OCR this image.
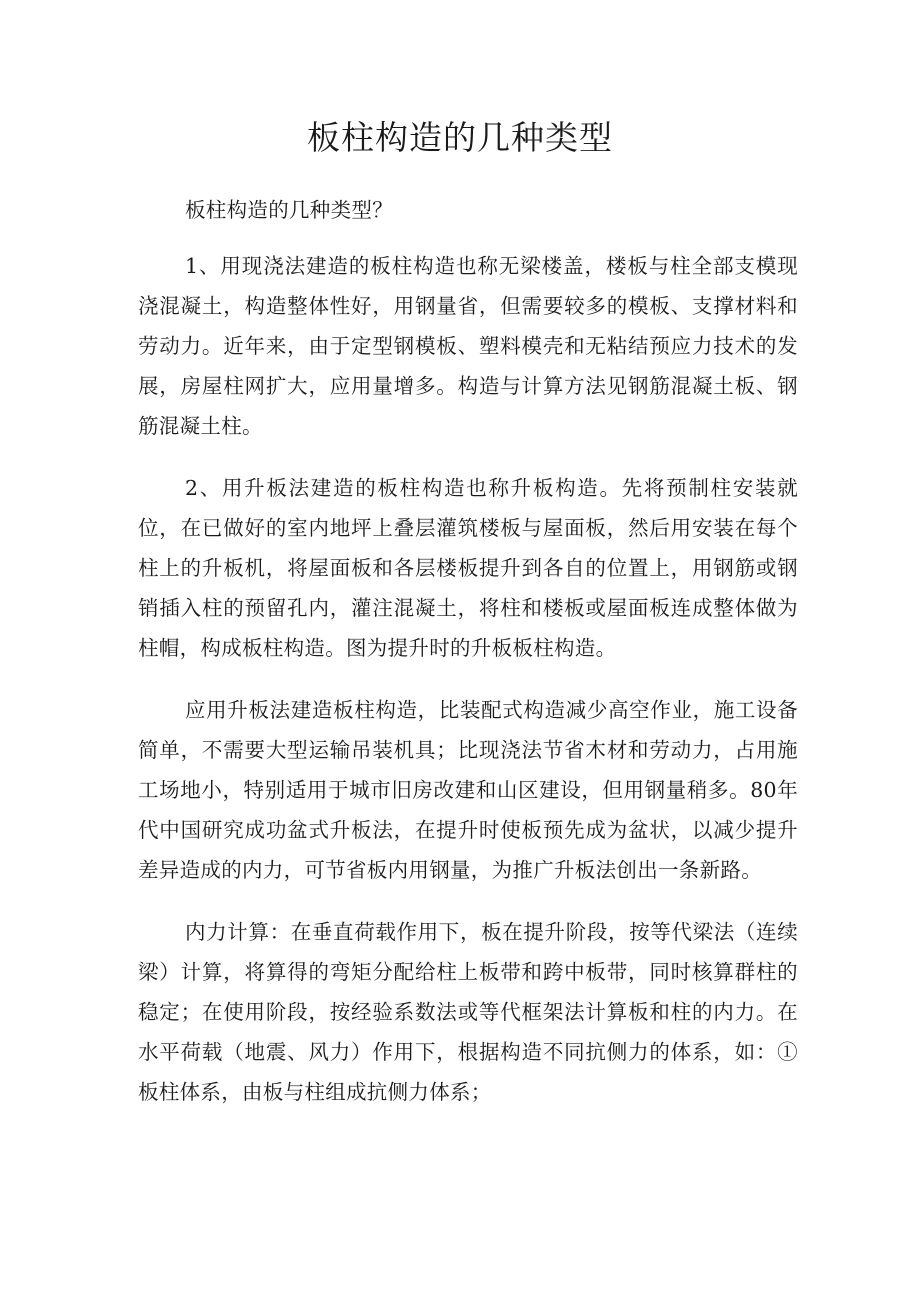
板柱构造的几种类型

板柱构造的几种类型？

1、用现浇法建造的板柱构造也称无梁楼盖，楼板与柱全部支模现浇混凝土，构造整体性好，用钢量省，但需要较多的模板、支撑材料和劳动力。近年来，由于定型钢模板、塑料模壳和无粘结预应力技术的发展，房屋柱网扩大，应用量增多。构造与计算方法见钢筋混凝土板、钢筋混凝土柱。

2、用升板法建造的板柱构造也称升板构造。先将预制柱安装就位，在已做好的室内地坪上叠层灌筑楼板与屋面板，然后用安装在每个柱上的升板机，将屋面板和各层楼板提升到各自的位置上，用钢筋或钢销插入柱的预留孔内，灌注混凝土，将柱和楼板或屋面板连成整体做为柱帽，构成板柱构造。图为提升时的升板板柱构造。

应用升板法建造板柱构造，比装配式构造减少高空作业，施工设备简单，不需要大型运输吊装机具；比现浇法节省木材和劳动力，占用施工场地小，特别适用于城市旧房改建和山区建设，但用钢量稍多。80年代中国研究成功盆式升板法，在提升时使板预先成为盆状，以减少提升差异造成的内力，可节省板内用钢量，为推广升板法创出一条新路。

内力计算：在垂直荷载作用下，板在提升阶段，按等代梁法（连续梁）计算，将算得的弯矩分配给柱上板带和跨中板带，同时核算群柱的稳定；在使用阶段，按经验系数法或等代框架法计算板和柱的内力。在水平荷载（地震、风力）作用下，根据构造不同抗侧力的体系，如：①板柱体系，由板与柱组成抗侧力体系；
